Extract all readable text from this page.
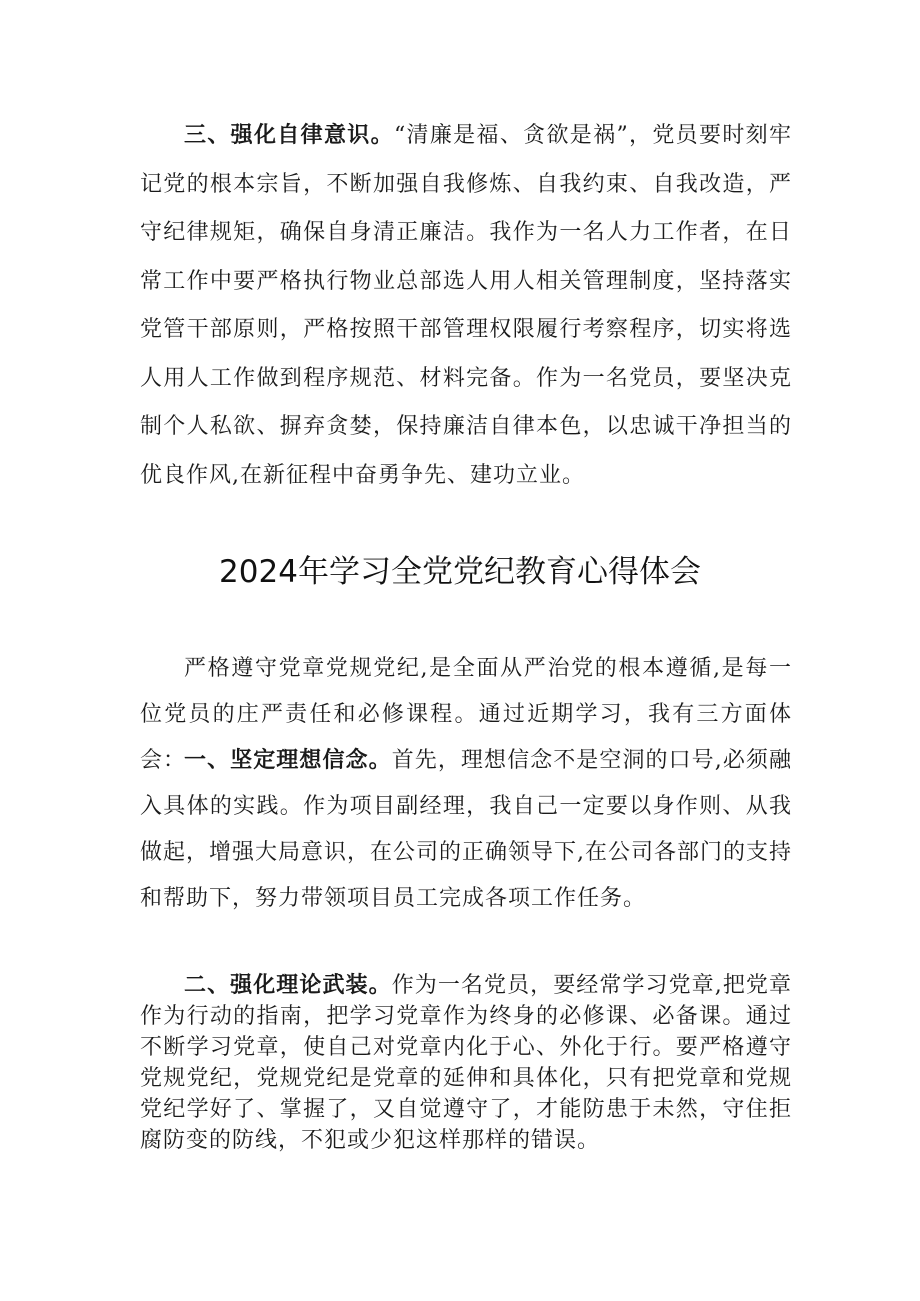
三、强化自律意识。“清廉是福、贪欲是祸”，党员要时刻牢记党的根本宗旨，不断加强自我修炼、自我约束、自我改造，严守纪律规矩，确保自身清正廉洁。我作为一名人力工作者，在日常工作中要严格执行物业总部选人用人相关管理制度，坚持落实党管干部原则，严格按照干部管理权限履行考察程序，切实将选人用人工作做到程序规范、材料完备。作为一名党员，要坚决克制个人私欲、摒弃贪婪，保持廉洁自律本色，以忠诚干净担当的优良作风,在新征程中奋勇争先、建功立业。

2024年学习全党党纪教育心得体会

严格遵守党章党规党纪,是全面从严治党的根本遵循,是每一位党员的庄严责任和必修课程。通过近期学习，我有三方面体会：

一、坚定理想信念。首先，理想信念不是空洞的口号,必须融入具体的实践。作为项目副经理，我自己一定要以身作则、从我做起，增强大局意识，在公司的正确领导下,在公司各部门的支持和帮助下，努力带领项目员工完成各项工作任务。

二、强化理论武装。作为一名党员，要经常学习党章,把党章作为行动的指南，把学习党章作为终身的必修课、必备课。通过不断学习党章，使自己对党章内化于心、外化于行。要严格遵守党规党纪，党规党纪是党章的延伸和具体化，只有把党章和党规党纪学好了、掌握了，又自觉遵守了，才能防患于未然，守住拒腐防变的防线，不犯或少犯这样那样的错误。
